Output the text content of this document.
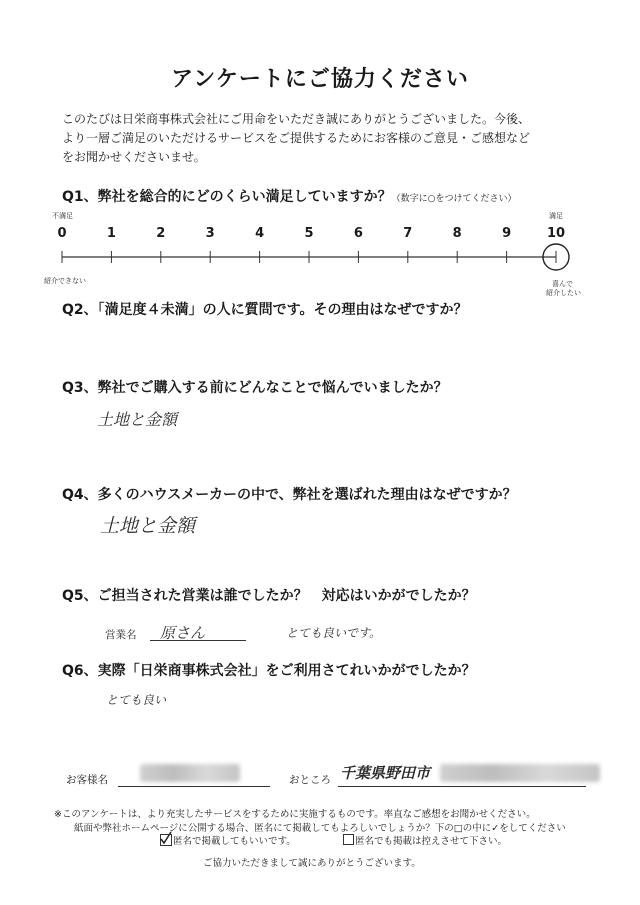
アンケートにご協力ください
このたびは日栄商事株式会社にご用命をいただき誠にありがとうございました。今後、
より一層ご満足のいただけるサービスをご提供するためにお客様のご意見・ご感想など
をお聞かせくださいませ。
Q1、弊社を総合的にどのくらい満足していますか？（数字に○をつけてください）
不満足	満足
0	1	2	3	4	5	6	7	8	9	10
紹介できない	喜んで
紹介したい
Q2、「満足度４未満」の人に質問です。その理由はなぜですか？
Q3、弊社でご購入する前にどんなことで悩んでいましたか？
土地と金額
Q4、多くのハウスメーカーの中で、弊社を選ばれた理由はなぜですか？
土地と金額
Q5、ご担当された営業は誰でしたか？　対応はいかがでしたか？
営業名 原さん	とても良いです。
Q6、実際「日栄商事株式会社」をご利用さてれいかがでしたか？
とても良い
お客様名	おところ 千葉県野田市
※このアンケートは、より充実したサービスをするために実施するものです。率直なご感想をお聞かせください。
紙面や弊社ホームページに公開する場合、匿名にて掲載してもよろしいでしょうか？下の□の中に✓をしてください
匿名で掲載してもいいです。	匿名でも掲載は控えさせて下さい。
ご協力いただきまして誠にありがとうございます。
